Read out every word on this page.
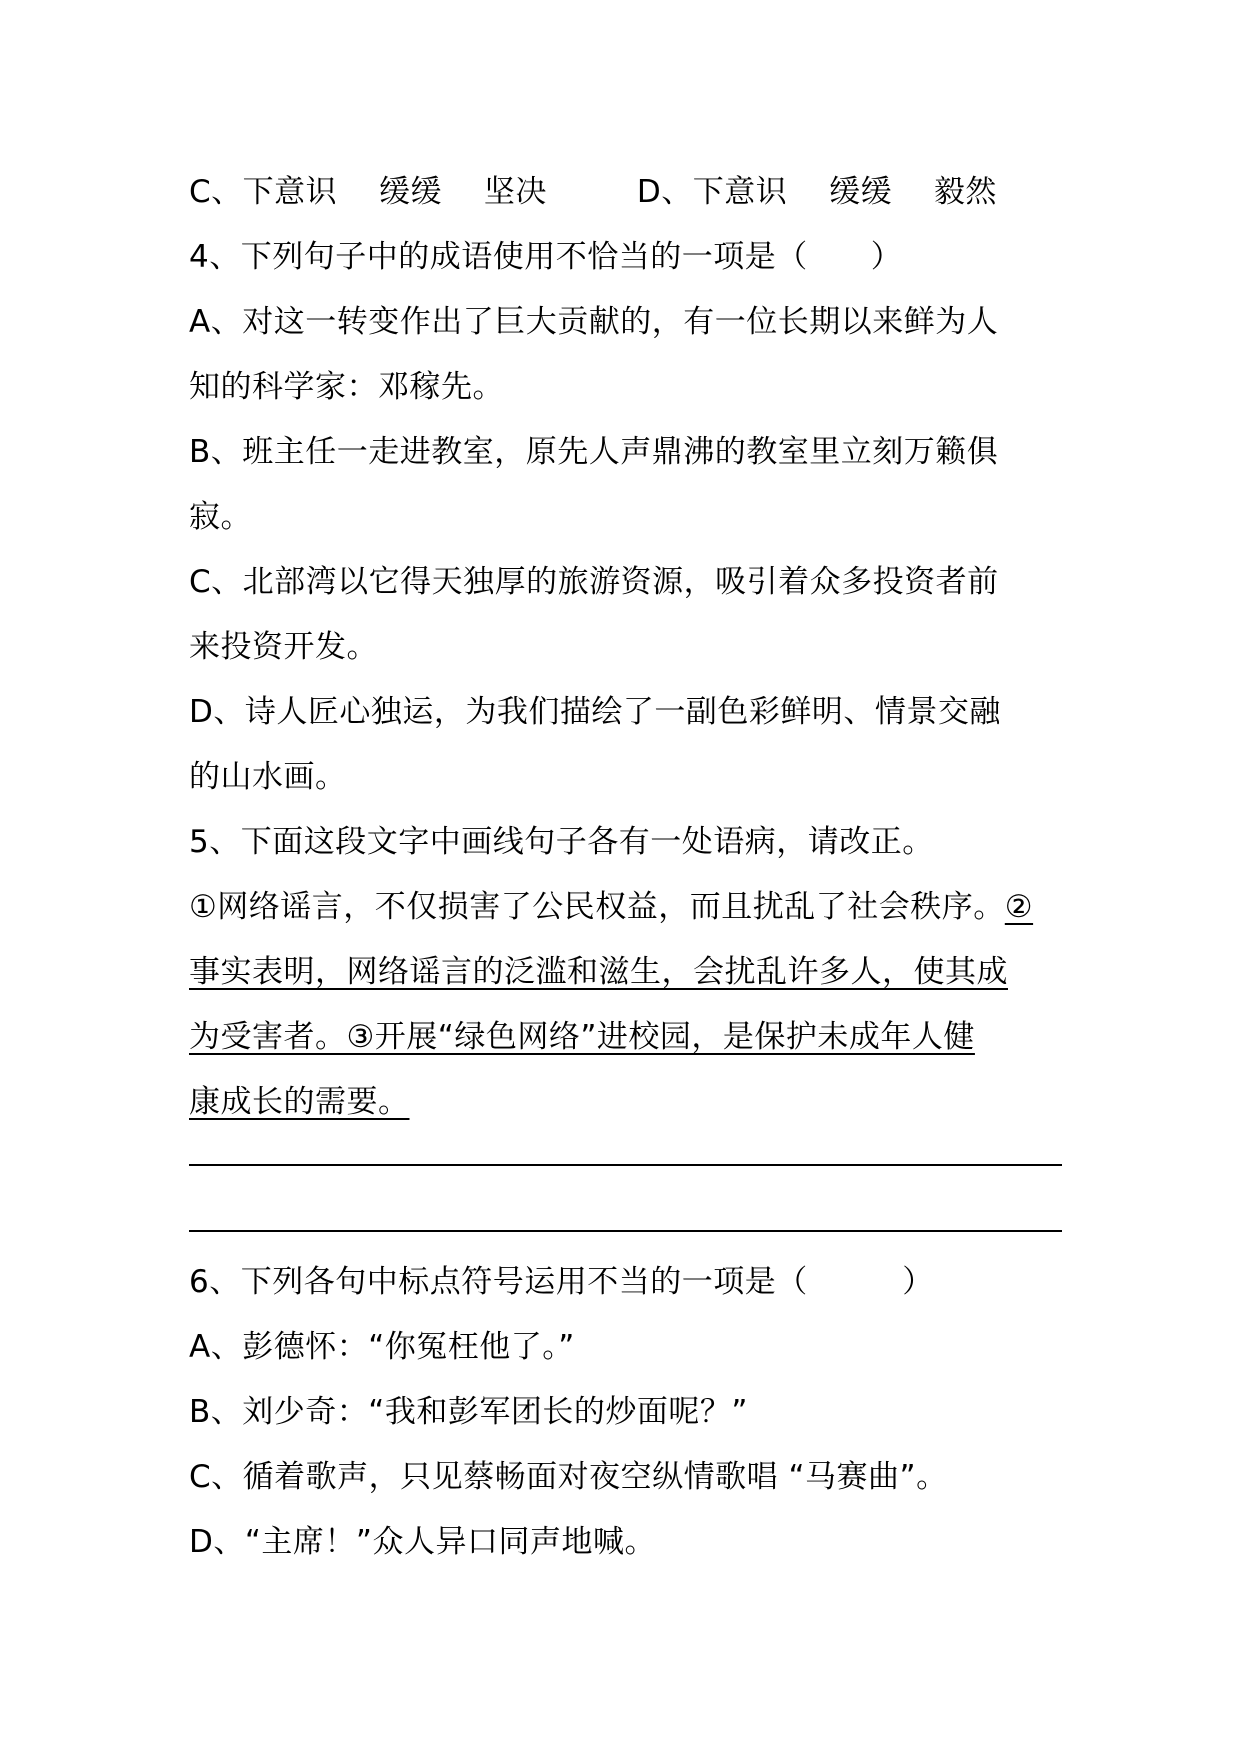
C、下意识 　缓缓 　坚决	D、下意识 　缓缓 　毅然
4、下列句子中的成语使用不恰当的一项是（　　）
A、对这一转变作出了巨大贡献的，有一位长期以来鲜为人
知的科学家：邓稼先。
B、班主任一走进教室，原先人声鼎沸的教室里立刻万籁俱
寂。
C、北部湾以它得天独厚的旅游资源，吸引着众多投资者前
来投资开发。
D、诗人匠心独运，为我们描绘了一副色彩鲜明、情景交融
的山水画。
5、下面这段文字中画线句子各有一处语病，请改正。
①网络谣言，不仅损害了公民权益，而且扰乱了社会秩序。②
事实表明，网络谣言的泛滥和滋生，会扰乱许多人，使其成
为受害者。③开展“绿色网络”进校园，是保护未成年人健
康成长的需要。
6、下列各句中标点符号运用不当的一项是（　　　）
A、彭德怀：“你冤枉他了。”
B、刘少奇：“我和彭军团长的炒面呢？”
C、循着歌声，只见蔡畅面对夜空纵情歌唱 “马赛曲”。
D、“主席！”众人异口同声地喊。
